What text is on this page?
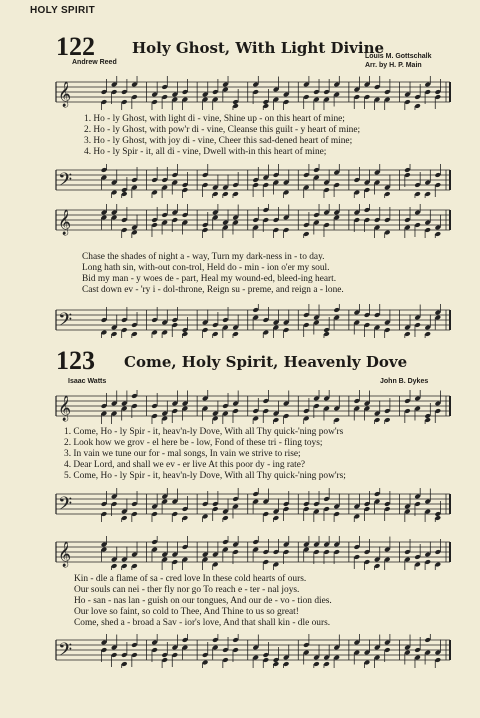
HOLY SPIRIT
122 Holy Ghost, With Light Divine
Andrew Reed
Louis M. Gottschalk
Arr. by H. P. Main
𝄞
1. Ho - ly Ghost, with light di - vine, Shine up - on this heart of mine;
2. Ho - ly Ghost, with pow'r di - vine, Cleanse this guilt - y heart of mine;
3. Ho - ly Ghost, with joy di - vine, Cheer this sad-dened heart of mine;
4. Ho - ly Spir - it, all di - vine, Dwell with-in this heart of mine;
𝄢
𝄞
Chase the shades of night a - way, Turn my dark-ness in - to day.
Long hath sin, with-out con-trol, Held do - min - ion o'er my soul.
Bid my man - y woes de - part, Heal my wound-ed, bleed-ing heart.
Cast down ev - 'ry i - dol-throne, Reign su - preme, and reign a - lone.
𝄢
123 Come, Holy Spirit, Heavenly Dove
Isaac Watts	John B. Dykes
𝄞
1. Come, Ho - ly Spir - it, heav'n-ly Dove, With all Thy quick-'ning pow'rs
2. Look how we grov - el here be - low, Fond of these tri - fling toys;
3. In vain we tune our for - mal songs, In vain we strive to rise;
4. Dear Lord, and shall we ev - er live At this poor dy - ing rate?
5. Come, Ho - ly Spir - it, heav'n-ly Dove, With all Thy quick-'ning pow'rs;
𝄢
𝄞
Kin - dle a flame of sa - cred love In these cold hearts of ours.
Our souls can nei - ther fly nor go To reach e - ter - nal joys.
Ho - san - nas lan - guish on our tongues, And our de - vo - tion dies.
Our love so faint, so cold to Thee, And Thine to us so great!
Come, shed a - broad a Sav - ior's love, And that shall kin - dle ours.
𝄢
